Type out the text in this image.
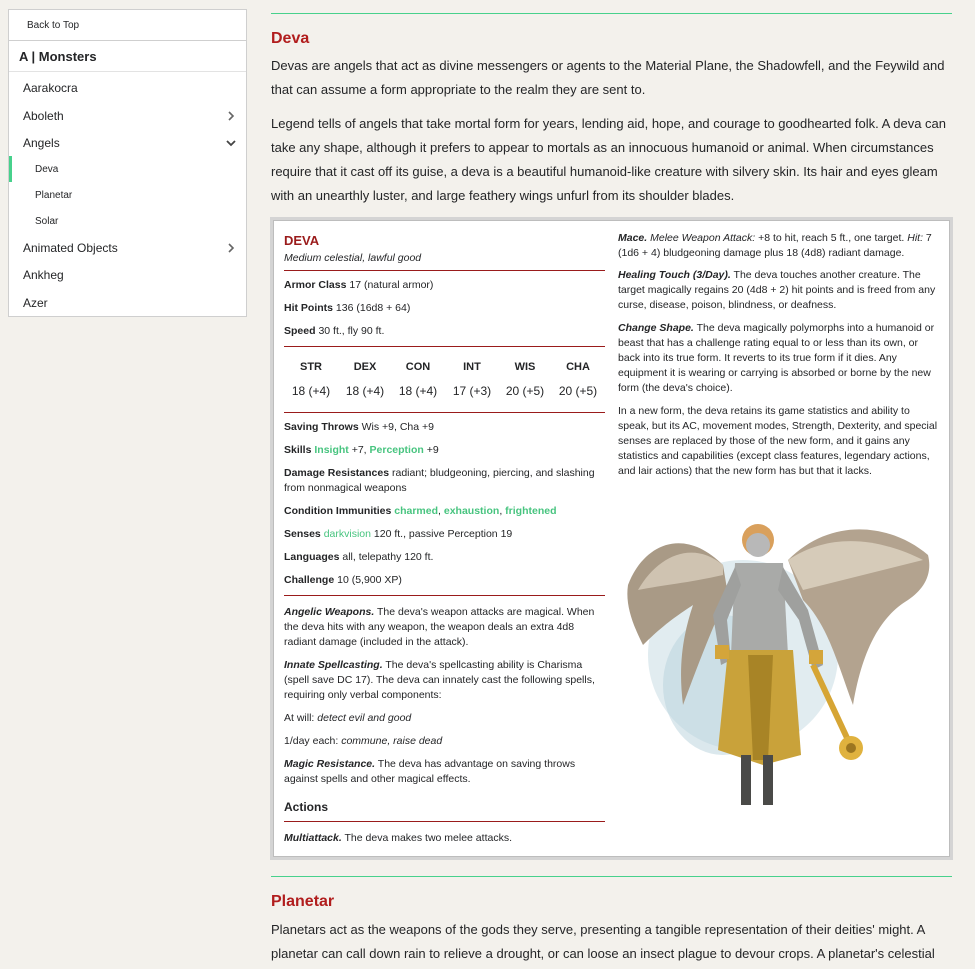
Back to Top
A | Monsters
Aarakocra
Aboleth
Angels
Deva
Planetar
Solar
Animated Objects
Ankheg
Azer
Deva
Devas are angels that act as divine messengers or agents to the Material Plane, the Shadowfell, and the Feywild and that can assume a form appropriate to the realm they are sent to.
Legend tells of angels that take mortal form for years, lending aid, hope, and courage to goodhearted folk. A deva can take any shape, although it prefers to appear to mortals as an innocuous humanoid or animal. When circumstances require that it cast off its guise, a deva is a beautiful humanoid-like creature with silvery skin. Its hair and eyes gleam with an unearthly luster, and large feathery wings unfurl from its shoulder blades.
DEVA
Medium celestial, lawful good
Armor Class 17 (natural armor)
Hit Points 136 (16d8 + 64)
Speed 30 ft., fly 90 ft.
STR
18 (+4)
DEX
18 (+4)
CON
18 (+4)
INT
17 (+3)
WIS
20 (+5)
CHA
20 (+5)
Saving Throws Wis +9, Cha +9
Skills Insight +7, Perception +9
Damage Resistances radiant; bludgeoning, piercing, and slashing from nonmagical weapons
Condition Immunities charmed, exhaustion, frightened
Senses darkvision 120 ft., passive Perception 19
Languages all, telepathy 120 ft.
Challenge 10 (5,900 XP)
Angelic Weapons. The deva's weapon attacks are magical. When the deva hits with any weapon, the weapon deals an extra 4d8 radiant damage (included in the attack).
Innate Spellcasting. The deva's spellcasting ability is Charisma (spell save DC 17). The deva can innately cast the following spells, requiring only verbal components:
At will: detect evil and good
1/day each: commune, raise dead
Magic Resistance. The deva has advantage on saving throws against spells and other magical effects.
Actions
Multiattack. The deva makes two melee attacks.
Mace. Melee Weapon Attack: +8 to hit, reach 5 ft., one target. Hit: 7 (1d6 + 4) bludgeoning damage plus 18 (4d8) radiant damage.
Healing Touch (3/Day). The deva touches another creature. The target magically regains 20 (4d8 + 2) hit points and is freed from any curse, disease, poison, blindness, or deafness.
Change Shape. The deva magically polymorphs into a humanoid or beast that has a challenge rating equal to or less than its own, or back into its true form. It reverts to its true form if it dies. Any equipment it is wearing or carrying is absorbed or borne by the new form (the deva's choice).
In a new form, the deva retains its game statistics and ability to speak, but its AC, movement modes, Strength, Dexterity, and special senses are replaced by those of the new form, and it gains any statistics and capabilities (except class features, legendary actions, and lair actions) that the new form has but that it lacks.
Planetar
Planetars act as the weapons of the gods they serve, presenting a tangible representation of their deities' might. A planetar can call down rain to relieve a drought, or can loose an insect plague to devour crops. A planetar's celestial
